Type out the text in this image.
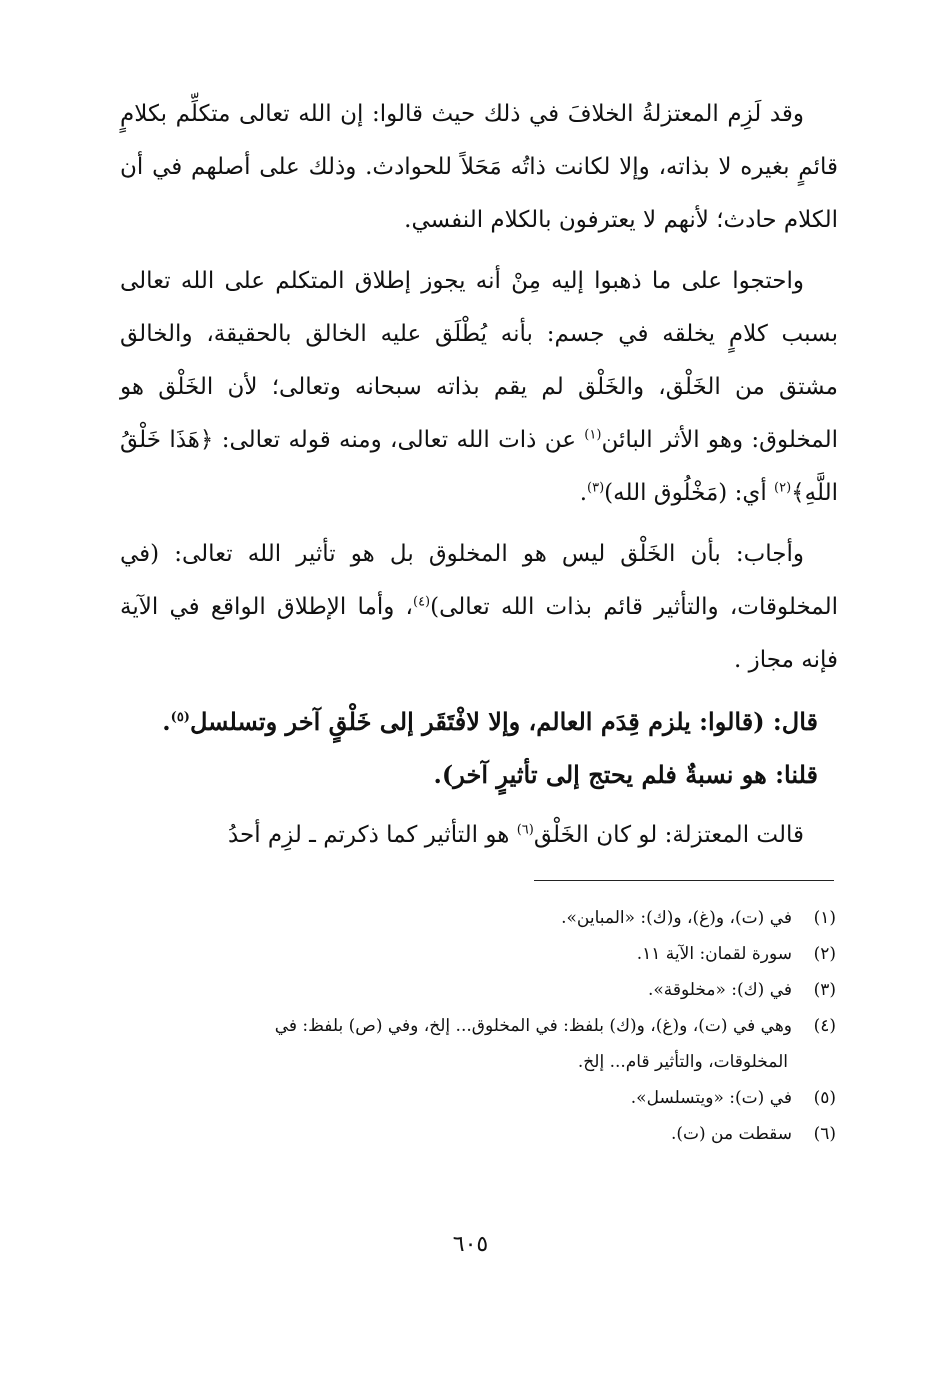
وقد لَزِم المعتزلةُ الخلافَ في ذلك حيث قالوا: إن الله تعالى متكلِّم بكلامٍ قائمٍ بغيره لا بذاته، وإلا لكانت ذاتُه مَحَلاً للحوادث. وذلك على أصلهم في أن الكلام حادث؛ لأنهم لا يعترفون بالكلام النفسي.

واحتجوا على ما ذهبوا إليه مِنْ أنه يجوز إطلاق المتكلم على الله تعالى بسبب كلامٍ يخلقه في جسم: بأنه يُطْلَق عليه الخالق بالحقيقة، والخالق مشتق من الخَلْق، والخَلْق لم يقم بذاته سبحانه وتعالى؛ لأن الخَلْق هو المخلوق: وهو الأثر البائن$^{(١)}$ عن ذات الله تعالى، ومنه قوله تعالى: ﴿هَذَا خَلْقُ اللَّهِ﴾$^{(٢)}$ أي: (مَخْلُوق الله)$^{(٣)}$.

وأجاب: بأن الخَلْق ليس هو المخلوق بل هو تأثير الله تعالى: (في المخلوقات، والتأثير قائم بذات الله تعالى)$^{(٤)}$، وأما الإطلاق الواقع في الآية فإنه مجاز .

قال: (قالوا: يلزم قِدَم العالم، وإلا لافْتَقَر إلى خَلْقٍ آخر وتسلسل$^{(٥)}$.
قلنا: هو نسبةٌ فلم يحتج إلى تأثيرٍ آخر).

قالت المعتزلة: لو كان الخَلْق$^{(٦)}$ هو التأثير كما ذكرتم ـ لزِم أحدُ

(١)في (ت)، و(غ)، و(ك): «المباين».
(٢)سورة لقمان: الآية ١١.
(٣)في (ك): «مخلوقة».
(٤)وهي في (ت)، و(غ)، و(ك) بلفظ: في المخلوق... إلخ، وفي (ص) بلفظ: في
المخلوقات، والتأثير قام... إلخ.
(٥)في (ت): «ويتسلسل».
(٦)سقطت من (ت).
٦٠٥
